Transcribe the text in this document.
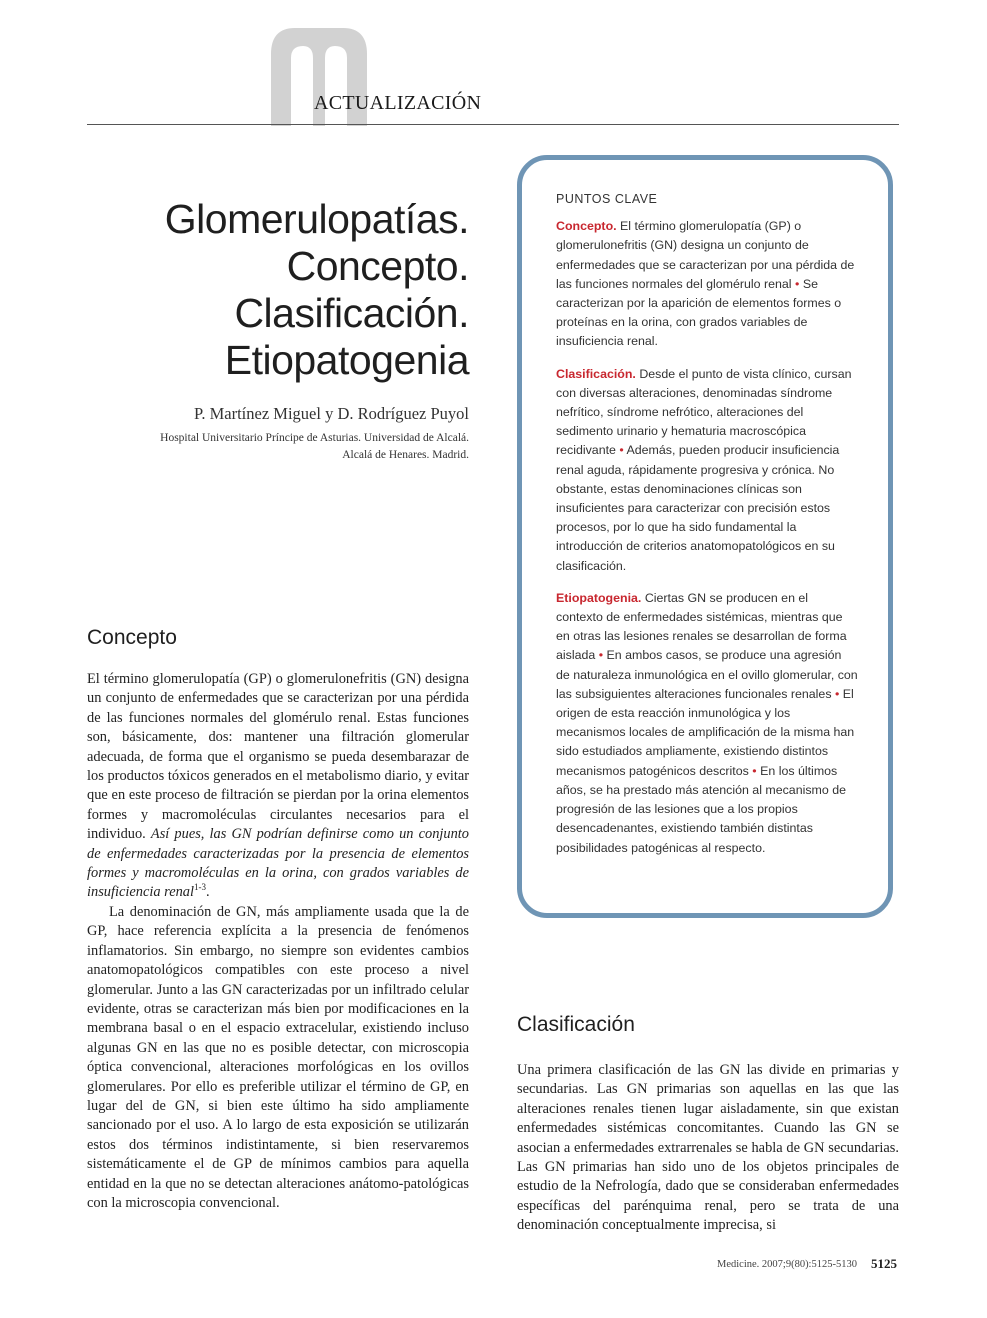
ACTUALIZACIÓN
Glomerulopatías.
Concepto.
Clasificación.
Etiopatogenia
P. Martínez Miguel y D. Rodríguez Puyol
Hospital Universitario Príncipe de Asturias. Universidad de Alcalá.
Alcalá de Henares. Madrid.
Concepto

El término glomerulopatía (GP) o glomerulonefritis (GN) designa un conjunto de enfermedades que se caracterizan por una pérdida de las funciones normales del glomérulo renal. Estas funciones son, básicamente, dos: mantener una filtración glomerular adecuada, de forma que el organismo se pueda desembarazar de los productos tóxicos generados en el metabolismo diario, y evitar que en este proceso de filtración se pierdan por la orina elementos formes y macromoléculas circulantes necesarios para el individuo. Así pues, las GN podrían definirse como un conjunto de enfermedades caracterizadas por la presencia de elementos formes y macromoléculas en la orina, con grados variables de insuficiencia renal$^{1-3}$.

La denominación de GN, más ampliamente usada que la de GP, hace referencia explícita a la presencia de fenómenos inflamatorios. Sin embargo, no siempre son evidentes cambios anatomopatológicos compatibles con este proceso a nivel glomerular. Junto a las GN caracterizadas por un infiltrado celular evidente, otras se caracterizan más bien por modificaciones en la membrana basal o en el espacio extracelular, existiendo incluso algunas GN en las que no es posible detectar, con microscopia óptica convencional, alteraciones morfológicas en los ovillos glomerulares. Por ello es preferible utilizar el término de GP, en lugar del de GN, si bien este último ha sido ampliamente sancionado por el uso. A lo largo de esta exposición se utilizarán estos dos términos indistintamente, si bien reservaremos sistemáticamente el de GP de mínimos cambios para aquella entidad en la que no se detectan alteraciones anátomo-patológicas con la microscopia convencional.

PUNTOS CLAVE

Concepto. El término glomerulopatía (GP) o glomerulonefritis (GN) designa un conjunto de enfermedades que se caracterizan por una pérdida de las funciones normales del glomérulo renal • Se caracterizan por la aparición de elementos formes o proteínas en la orina, con grados variables de insuficiencia renal.

Clasificación. Desde el punto de vista clínico, cursan con diversas alteraciones, denominadas síndrome nefrítico, síndrome nefrótico, alteraciones del sedimento urinario y hematuria macroscópica recidivante • Además, pueden producir insuficiencia renal aguda, rápidamente progresiva y crónica. No obstante, estas denominaciones clínicas son insuficientes para caracterizar con precisión estos procesos, por lo que ha sido fundamental la introducción de criterios anatomopatológicos en su clasificación.

Etiopatogenia. Ciertas GN se producen en el contexto de enfermedades sistémicas, mientras que en otras las lesiones renales se desarrollan de forma aislada • En ambos casos, se produce una agresión de naturaleza inmunológica en el ovillo glomerular, con las subsiguientes alteraciones funcionales renales • El origen de esta reacción inmunológica y los mecanismos locales de amplificación de la misma han sido estudiados ampliamente, existiendo distintos mecanismos patogénicos descritos • En los últimos años, se ha prestado más atención al mecanismo de progresión de las lesiones que a los propios desencadenantes, existiendo también distintas posibilidades patogénicas al respecto.

Clasificación

Una primera clasificación de las GN las divide en primarias y secundarias. Las GN primarias son aquellas en las que las alteraciones renales tienen lugar aisladamente, sin que existan enfermedades sistémicas concomitantes. Cuando las GN se asocian a enfermedades extrarrenales se habla de GN secundarias. Las GN primarias han sido uno de los objetos principales de estudio de la Nefrología, dado que se consideraban enfermedades específicas del parénquima renal, pero se trata de una denominación conceptualmente imprecisa, si

Medicine. 2007;9(80):5125-5130 5125
